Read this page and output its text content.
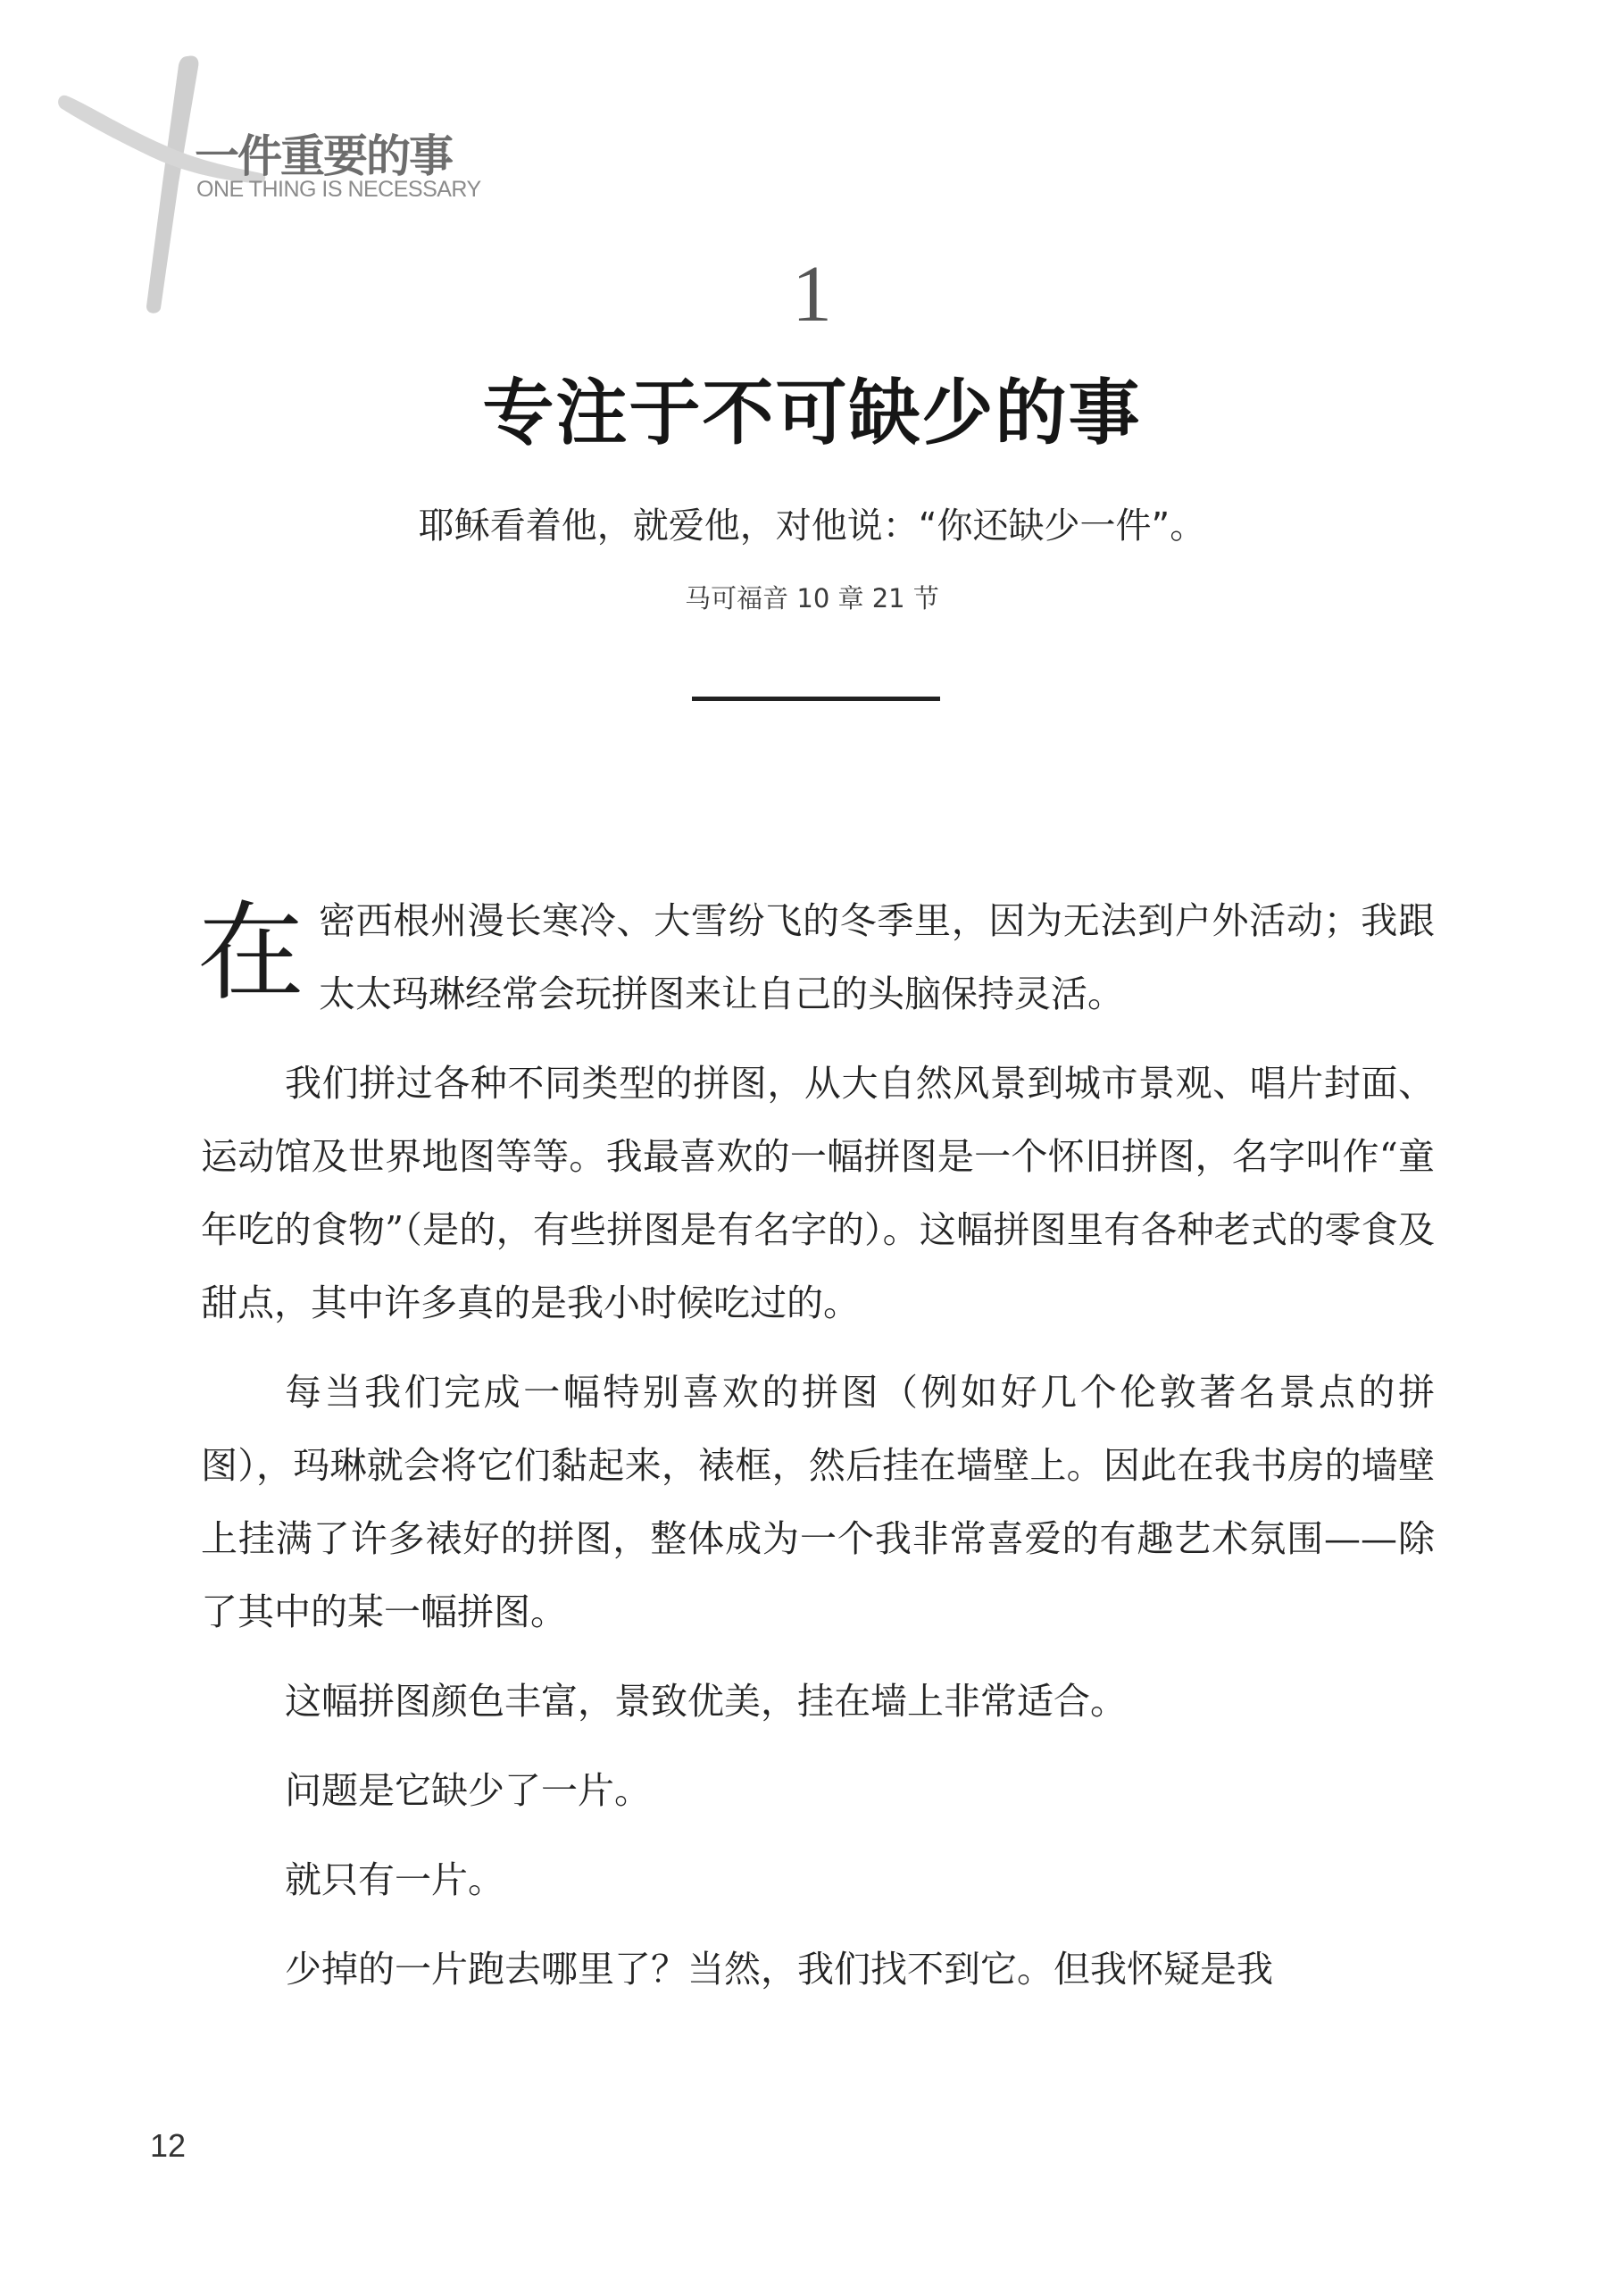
一件重要的事
ONE THING IS NECESSARY
1
专注于不可缺少的事
耶稣看着他，就爱他，对他说：“你还缺少一件”。
马可福音 10 章 21 节

在密西根州漫长寒冷、大雪纷飞的冬季里，因为无法到户外活动；我跟太太玛琳经常会玩拼图来让自己的头脑保持灵活。

我们拼过各种不同类型的拼图，从大自然风景到城市景观、唱片封面、运动馆及世界地图等等。我最喜欢的一幅拼图是一个怀旧拼图，名字叫作“童年吃的食物”（是的，有些拼图是有名字的）。这幅拼图里有各种老式的零食及甜点，其中许多真的是我小时候吃过的。

每当我们完成一幅特别喜欢的拼图（例如好几个伦敦著名景点的拼图），玛琳就会将它们黏起来，裱框，然后挂在墙壁上。因此在我书房的墙壁上挂满了许多裱好的拼图，整体成为一个我非常喜爱的有趣艺术氛围——除了其中的某一幅拼图。

这幅拼图颜色丰富，景致优美，挂在墙上非常适合。

问题是它缺少了一片。

就只有一片。

少掉的一片跑去哪里了？当然，我们找不到它。但我怀疑是我

12
